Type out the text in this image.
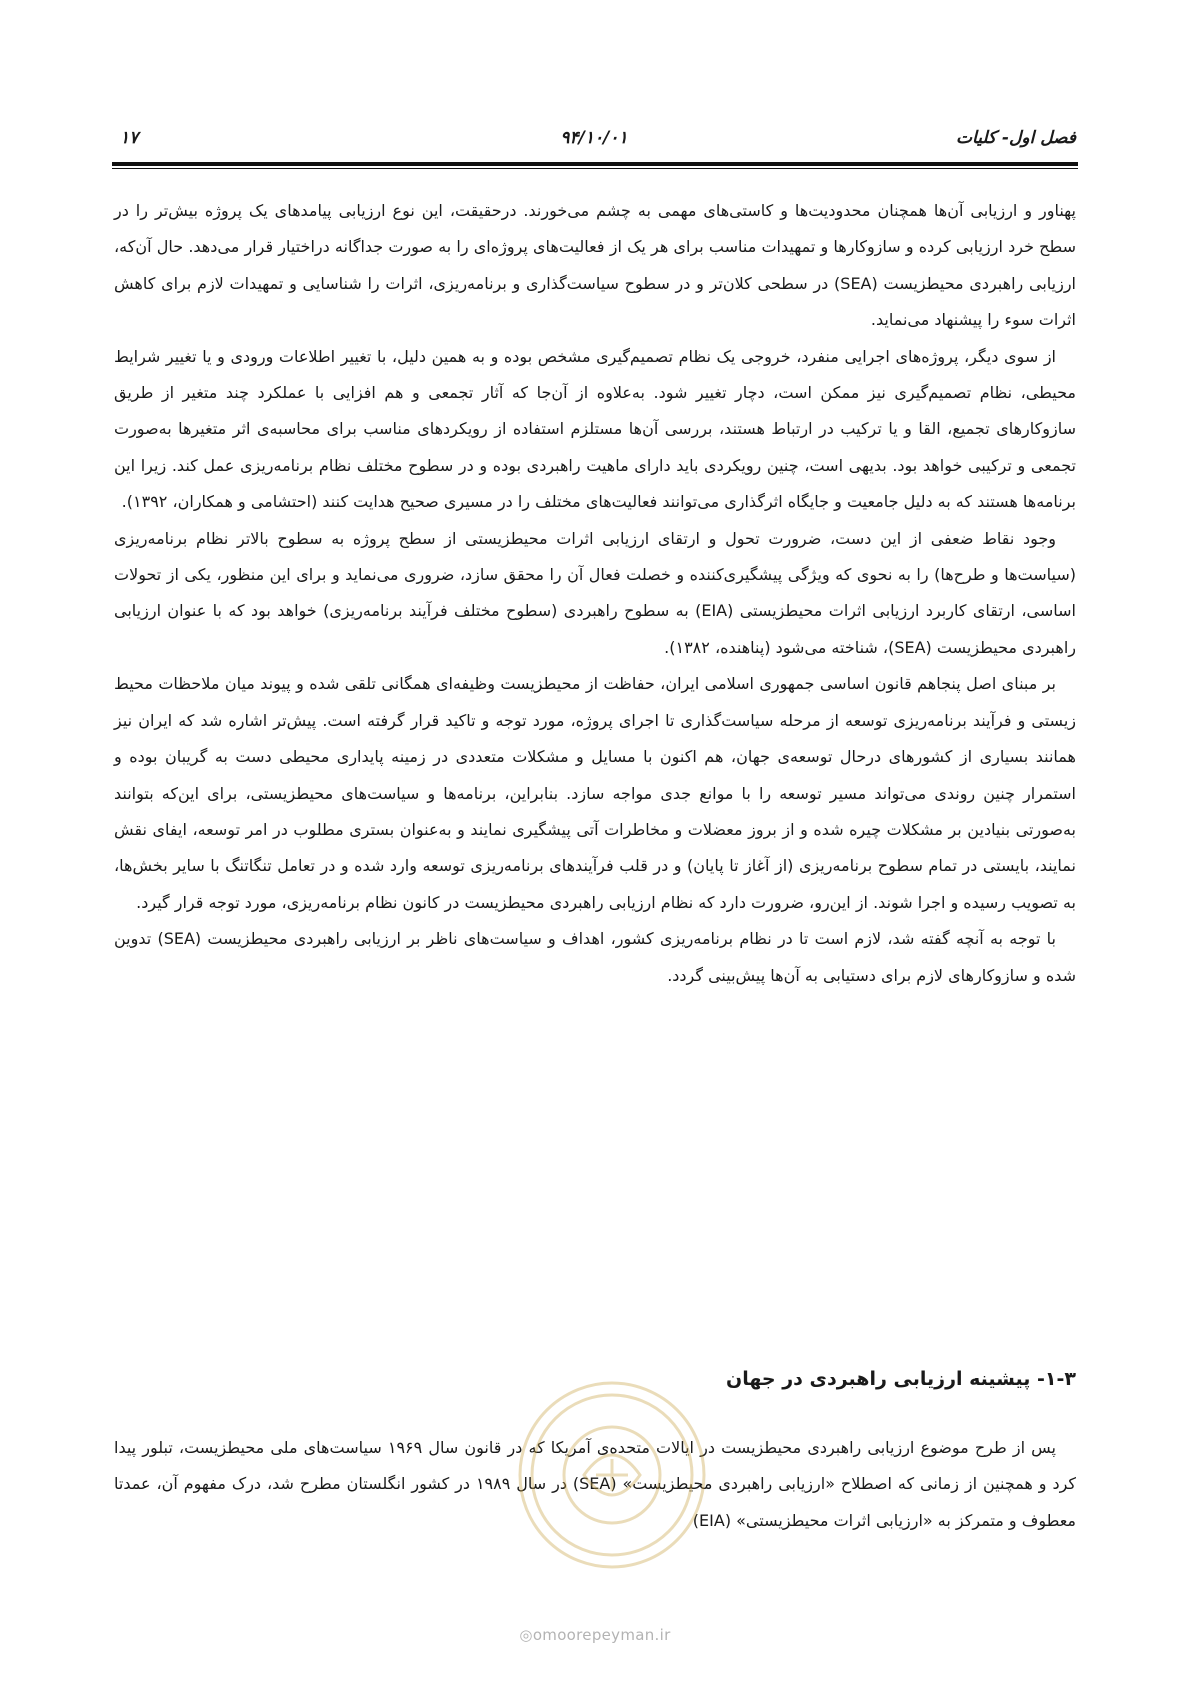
فصل اول- کلیات
۹۴/۱۰/۰۱
۱۷

پهناور و ارزیابی آن‌ها همچنان محدودیت‌ها و کاستی‌های مهمی به چشم می‌خورند. درحقیقت، این نوع ارزیابی پیامدهای یک پروژه بیش‌تر را در سطح خرد ارزیابی کرده و سازوکارها و تمهیدات مناسب برای هر یک از فعالیت‌های پروژه‌ای را به صورت جداگانه دراختیار قرار می‌دهد. حال آن‌که، ارزیابی راهبردی محیطزیست (SEA) در سطحی کلان‌تر و در سطوح سیاست‌گذاری و برنامه‌ریزی، اثرات را شناسایی و تمهیدات لازم برای کاهش اثرات سوء را پیشنهاد می‌نماید.

از سوی دیگر، پروژه‌های اجرایی منفرد، خروجی یک نظام تصمیم‌گیری مشخص بوده و به همین دلیل، با تغییر اطلاعات ورودی و یا تغییر شرایط محیطی، نظام تصمیم‌گیری نیز ممکن است، دچار تغییر شود. به‌علاوه از آن‌جا که آثار تجمعی و هم افزایی با عملکرد چند متغیر از طریق سازوکارهای تجمیع، القا و یا ترکیب در ارتباط هستند، بررسی آن‌ها مستلزم استفاده از رویکردهای مناسب برای محاسبه‌ی اثر متغیرها به‌صورت تجمعی و ترکیبی خواهد بود. بدیهی است، چنین رویکردی باید دارای ماهیت راهبردی بوده و در سطوح مختلف نظام برنامه‌ریزی عمل کند. زیرا این برنامه‌ها هستند که به دلیل جامعیت و جایگاه اثرگذاری می‌توانند فعالیت‌های مختلف را در مسیری صحیح هدایت کنند (احتشامی و همکاران، ۱۳۹۲).

وجود نقاط ضعفی از این دست، ضرورت تحول و ارتقای ارزیابی اثرات محیطزیستی از سطح پروژه به سطوح بالاتر نظام برنامه‌ریزی (سیاست‌ها و طرح‌ها) را به نحوی که ویژگی پیشگیری‌کننده و خصلت فعال آن را محقق سازد، ضروری می‌نماید و برای این منظور، یکی از تحولات اساسی، ارتقای کاربرد ارزیابی اثرات محیطزیستی (EIA) به سطوح راهبردی (سطوح مختلف فرآیند برنامه‌ریزی) خواهد بود که با عنوان ارزیابی راهبردی محیطزیست (SEA)، شناخته می‌شود (پناهنده، ۱۳۸۲).

بر مبنای اصل پنجاهم قانون اساسی جمهوری اسلامی ایران، حفاظت از محیطزیست وظیفه‌ای همگانی تلقی شده و پیوند میان ملاحظات محیط زیستی و فرآیند برنامه‌ریزی توسعه از مرحله سیاست‌گذاری تا اجرای پروژه، مورد توجه و تاکید قرار گرفته است. پیش‌تر اشاره شد که ایران نیز همانند بسیاری از کشورهای درحال توسعه‌ی جهان، هم اکنون با مسایل و مشکلات متعددی در زمینه پایداری محیطی دست به گریبان بوده و استمرار چنین روندی می‌تواند مسیر توسعه را با موانع جدی مواجه سازد. بنابراین، برنامه‌ها و سیاست‌های محیطزیستی، برای این‌که بتوانند به‌صورتی بنیادین بر مشکلات چیره شده و از بروز معضلات و مخاطرات آتی پیشگیری نمایند و به‌عنوان بستری مطلوب در امر توسعه، ایفای نقش نمایند، بایستی در تمام سطوح برنامه‌ریزی (از آغاز تا پایان) و در قلب فرآیندهای برنامه‌ریزی توسعه وارد شده و در تعامل تنگاتنگ با سایر بخش‌ها، به تصویب رسیده و اجرا شوند. از این‌رو، ضرورت دارد که نظام ارزیابی راهبردی محیطزیست در کانون نظام برنامه‌ریزی، مورد توجه قرار گیرد.

با توجه به آنچه گفته شد، لازم است تا در نظام برنامه‌ریزی کشور، اهداف و سیاست‌های ناظر بر ارزیابی راهبردی محیطزیست (SEA) تدوین شده و سازوکارهای لازم برای دستیابی به آن‌ها پیش‌بینی گردد.

۱-۳- پیشینه ارزیابی راهبردی در جهان

پس از طرح موضوع ارزیابی راهبردی محیطزیست در ایالات متحده‌ی آمریکا که در قانون سال ۱۹۶۹ سیاست‌های ملی محیطزیست، تبلور پیدا کرد و همچنین از زمانی که اصطلاح «ارزیابی راهبردی محیطزیست» (SEA) در سال ۱۹۸۹ در کشور انگلستان مطرح شد، درک مفهوم آن، عمدتا معطوف و متمرکز به «ارزیابی اثرات محیطزیستی» (EIA)

◎omoorepeyman.ir
